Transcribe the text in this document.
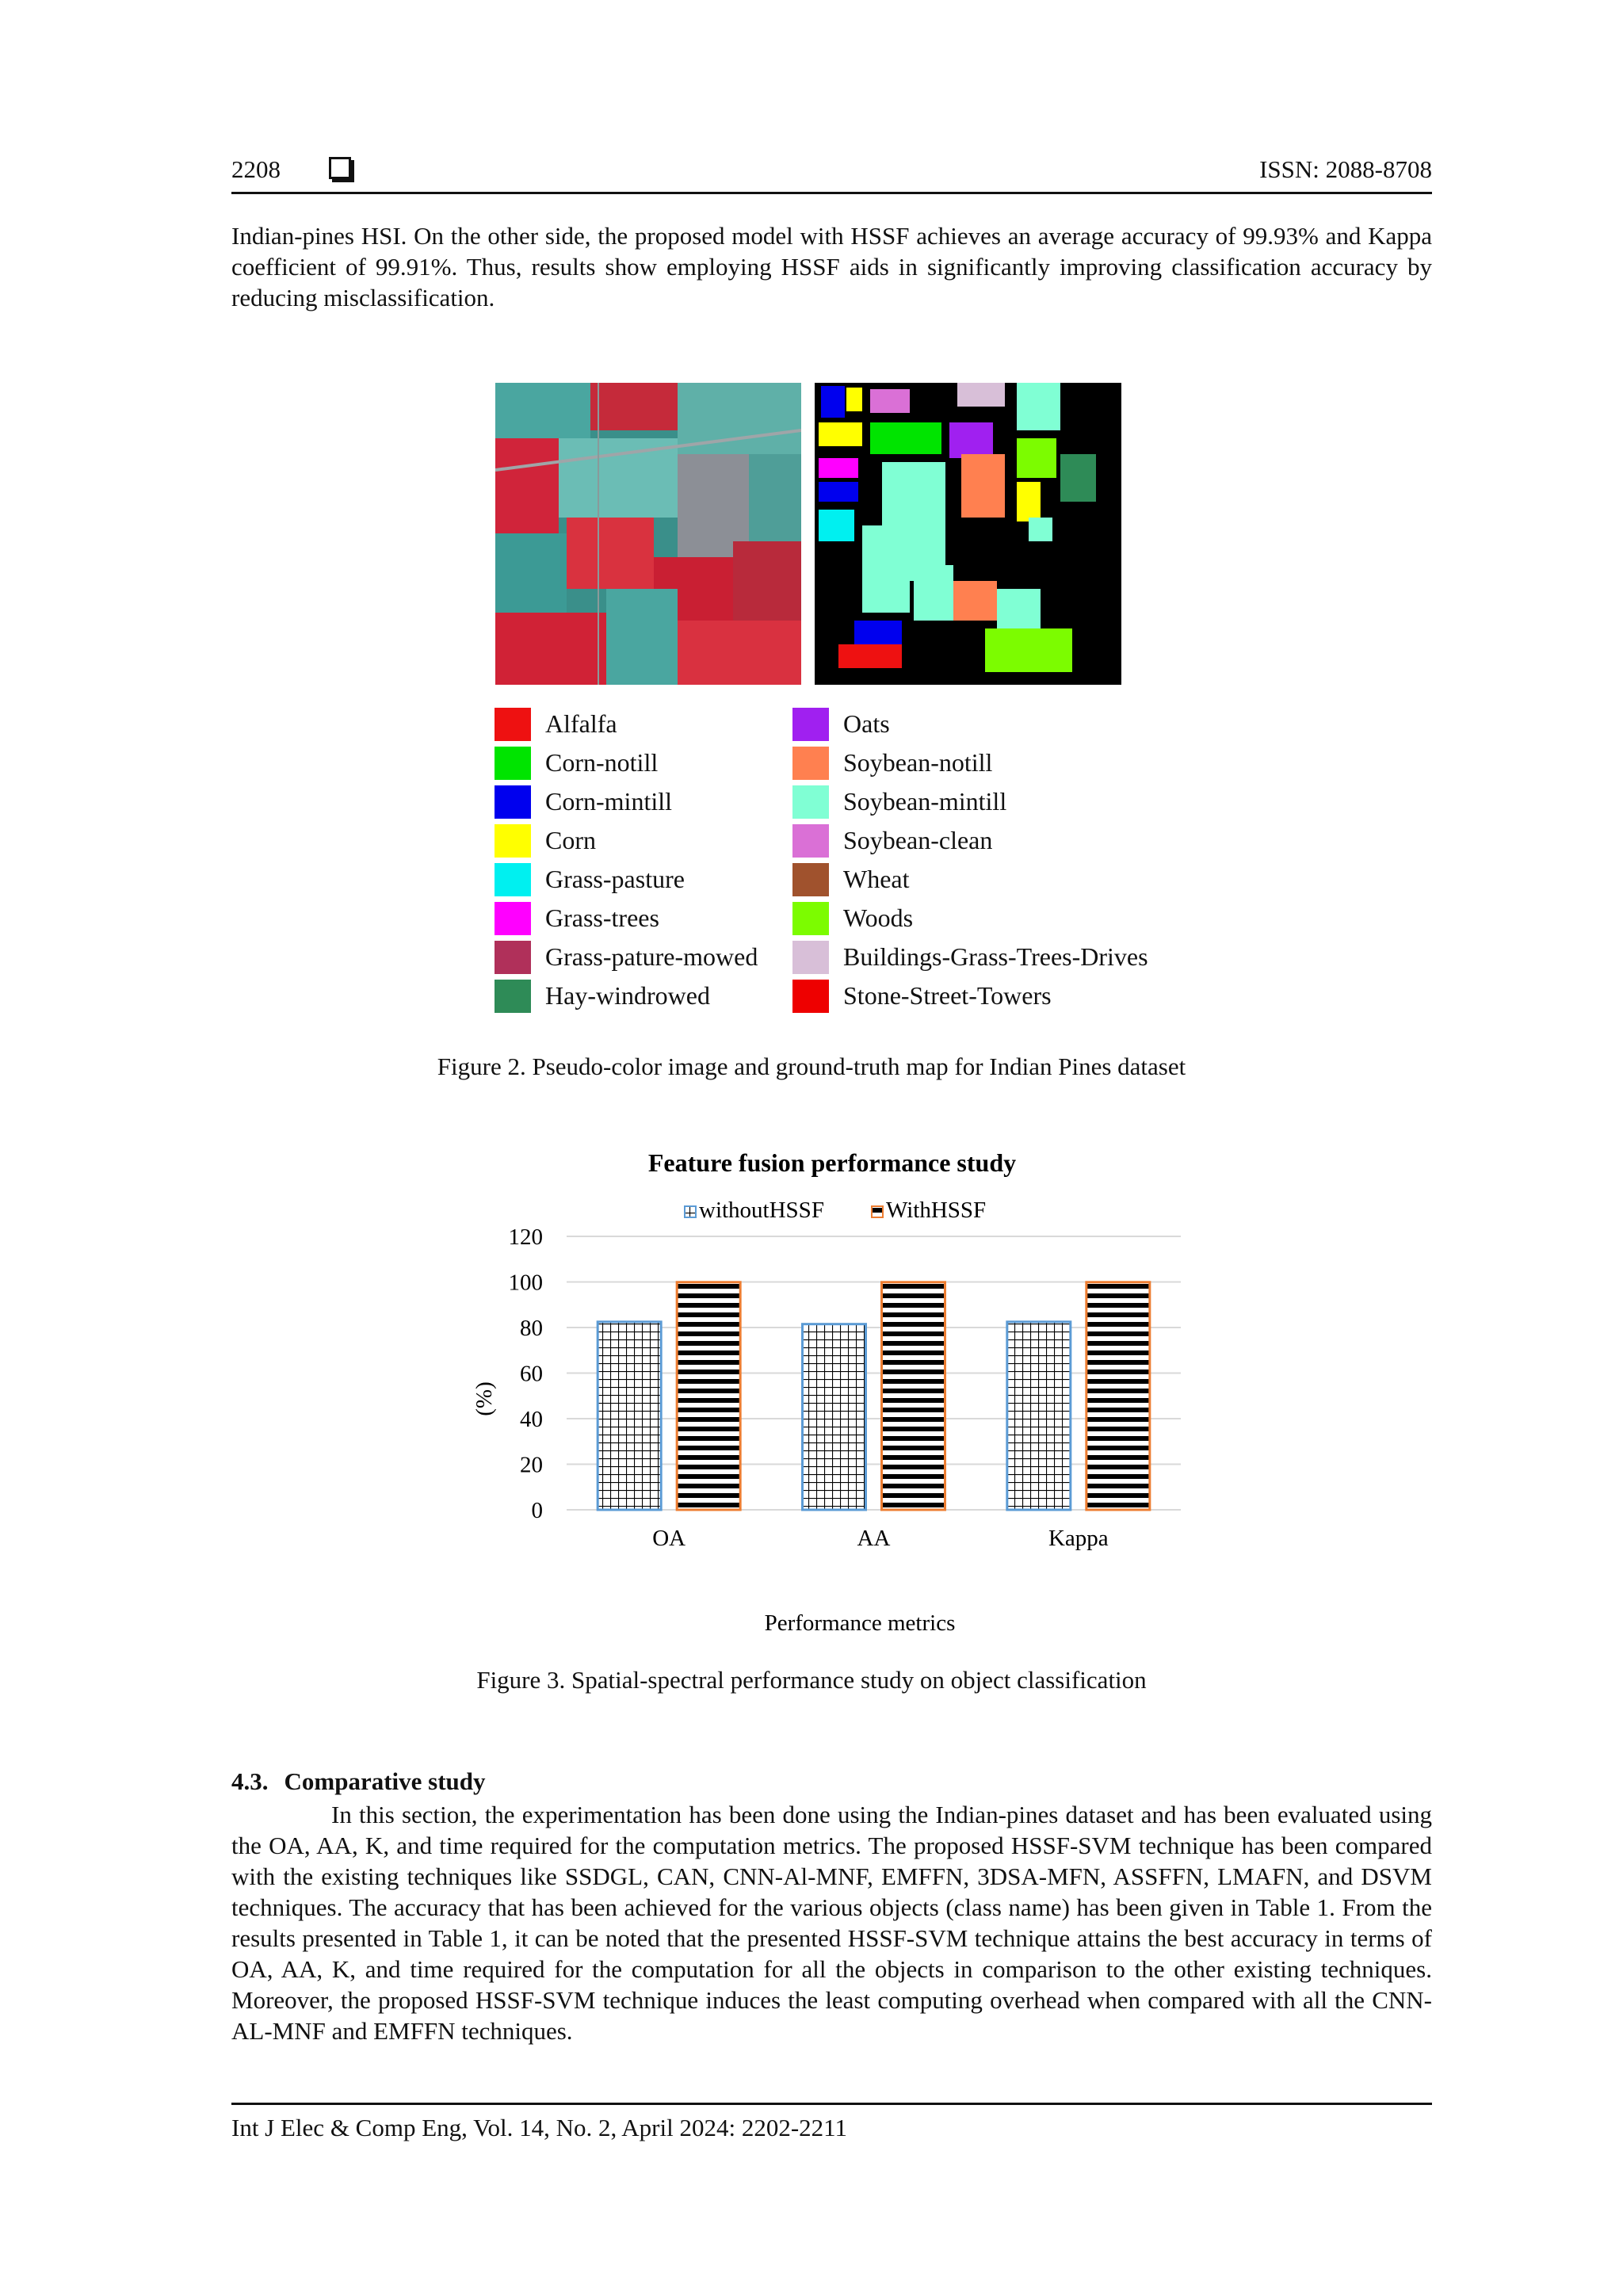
2208	ISSN: 2088-8708

Indian-pines HSI. On the other side, the proposed model with HSSF achieves an average accuracy of 99.93% and Kappa coefficient of 99.91%. Thus, results show employing HSSF aids in significantly improving classification accuracy by reducing misclassification.

Alfalfa
Corn-notill
Corn-mintill
Corn
Grass-pasture
Grass-trees
Grass-pature-mowed
Hay-windrowed
Oats
Soybean-notill
Soybean-mintill
Soybean-clean
Wheat
Woods
Buildings-Grass-Trees-Drives
Stone-Street-Towers
Figure 2. Pseudo-color image and ground-truth map for Indian Pines dataset
Feature fusion performance study
withoutHSSF	WithHSSF
0
20
40
60
80
100
120
OA	AA	Kappa
(%)
Performance metrics
Figure 3. Spatial-spectral performance study on object classification
4.3. Comparative study

In this section, the experimentation has been done using the Indian-pines dataset and has been evaluated using the OA, AA, K, and time required for the computation metrics. The proposed HSSF-SVM technique has been compared with the existing techniques like SSDGL, CAN, CNN-Al-MNF, EMFFN, 3DSA-MFN, ASSFFN, LMAFN, and DSVM techniques. The accuracy that has been achieved for the various objects (class name) has been given in Table 1. From the results presented in Table 1, it can be noted that the presented HSSF-SVM technique attains the best accuracy in terms of OA, AA, K, and time required for the computation for all the objects in comparison to the other existing techniques. Moreover, the proposed HSSF-SVM technique induces the least computing overhead when compared with all the CNN-AL-MNF and EMFFN techniques.

Int J Elec & Comp Eng, Vol. 14, No. 2, April 2024: 2202-2211
